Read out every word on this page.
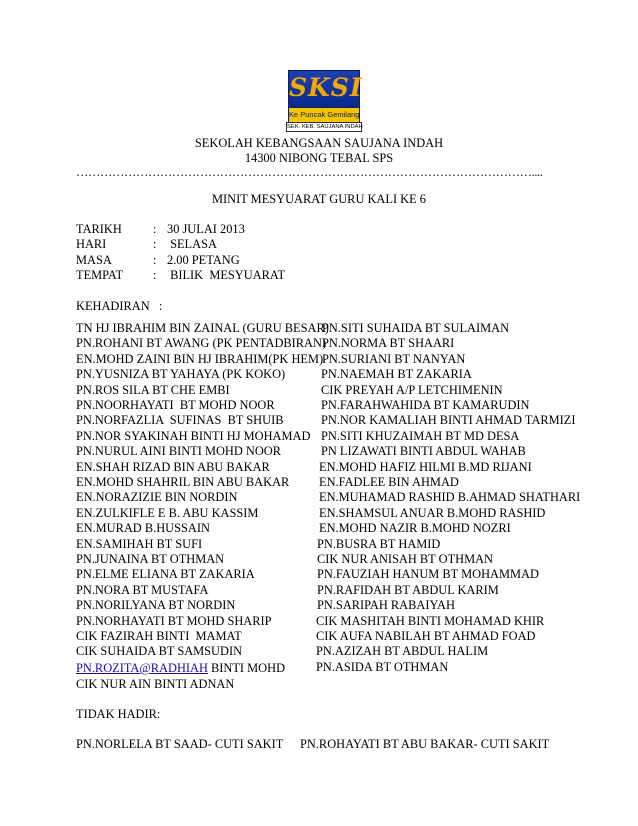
SKSI
Ke Puncak Gemilang
SEK. KEB. SAUJANA INDAH
SEKOLAH KEBANGSAAN SAUJANA INDAH
14300 NIBONG TEBAL SPS
……………………………………………………………………………………………………....
MINIT MESYUARAT GURU KALI KE 6
TARIKH	: 30 JULAI 2013
HARI	: SELASA
MASA	: 2.00 PETANG
TEMPAT : BILIK  MESYUARAT
KEHADIRAN   :
TN HJ IBRAHIM BIN ZAINAL (GURU BESAR)
PN.ROHANI BT AWANG (PK PENTADBIRAN)
EN.MOHD ZAINI BIN HJ IBRAHIM(PK HEM)
PN.YUSNIZA BT YAHAYA (PK KOKO)
PN.ROS SILA BT CHE EMBI
PN.NOORHAYATI  BT MOHD NOOR
PN.NORFAZLIA  SUFINAS  BT SHUIB
PN.NOR SYAKINAH BINTI HJ MOHAMAD
PN.NURUL AINI BINTI MOHD NOOR
EN.SHAH RIZAD BIN ABU BAKAR
EN.MOHD SHAHRIL BIN ABU BAKAR
EN.NORAZIZIE BIN NORDIN
EN.ZULKIFLE E B. ABU KASSIM
EN.MURAD B.HUSSAIN
EN.SAMIHAH BT SUFI
PN.JUNAINA BT OTHMAN
PN.ELME ELIANA BT ZAKARIA
PN.NORA BT MUSTAFA
PN.NORILYANA BT NORDIN
PN.NORHAYATI BT MOHD SHARIP
CIK FAZIRAH BINTI  MAMAT
CIK SUHAIDA BT SAMSUDIN
PN.SITI SUHAIDA BT SULAIMAN
PN.NORMA BT SHAARI
PN.SURIANI BT NANYAN
PN.NAEMAH BT ZAKARIA
CIK PREYAH A/P LETCHIMENIN
PN.FARAHWAHIDA BT KAMARUDIN
PN.NOR KAMALIAH BINTI AHMAD TARMIZI
PN.SITI KHUZAIMAH BT MD DESA
PN LIZAWATI BINTI ABDUL WAHAB
EN.MOHD HAFIZ HILMI B.MD RIJANI
EN.FADLEE BIN AHMAD
EN.MUHAMAD RASHID B.AHMAD SHATHARI
EN.SHAMSUL ANUAR B.MOHD RASHID
EN.MOHD NAZIR B.MOHD NOZRI
PN.BUSRA BT HAMID
CIK NUR ANISAH BT OTHMAN
PN.FAUZIAH HANUM BT MOHAMMAD
PN.RAFIDAH BT ABDUL KARIM
PN.SARIPAH RABAIYAH
CIK MASHITAH BINTI MOHAMAD KHIR
CIK AUFA NABILAH BT AHMAD FOAD
PN.AZIZAH BT ABDUL HALIM
PN.ASIDA BT OTHMAN
PN.ROZITA@RADHIAH BINTI MOHD
CIK NUR AIN BINTI ADNAN
TIDAK HADIR:
PN.NORLELA BT SAAD- CUTI SAKIT PN.ROHAYATI BT ABU BAKAR- CUTI SAKIT
